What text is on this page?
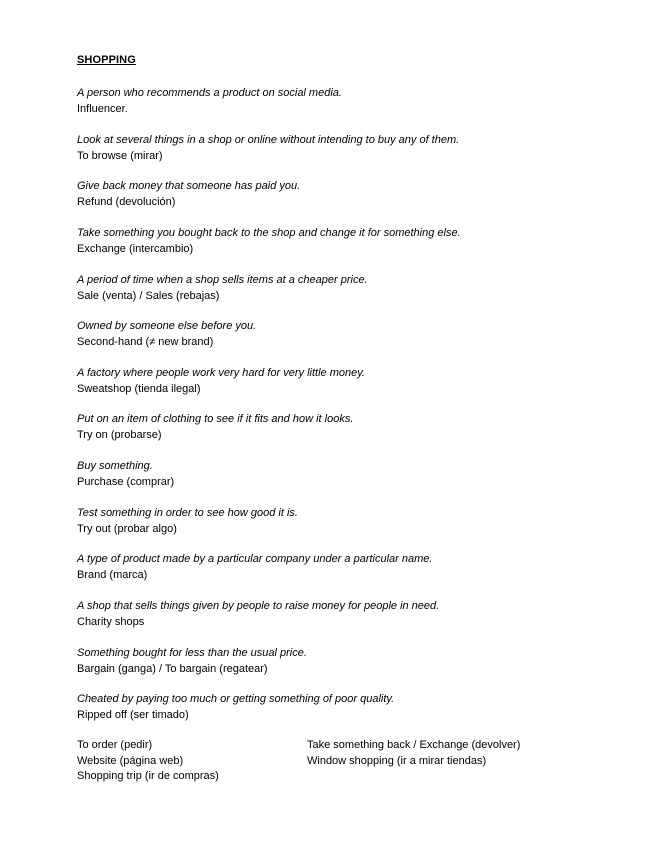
SHOPPING
A person who recommends a product on social media.
Influencer.
Look at several things in a shop or online without intending to buy any of them.
To browse (mirar)
Give back money that someone has paid you.
Refund (devolución)
Take something you bought back to the shop and change it for something else.
Exchange (intercambio)
A period of time when a shop sells items at a cheaper price.
Sale (venta) / Sales (rebajas)
Owned by someone else before you.
Second-hand (≠ new brand)
A factory where people work very hard for very little money.
Sweatshop (tienda ilegal)
Put on an item of clothing to see if it fits and how it looks.
Try on (probarse)
Buy something.
Purchase (comprar)
Test something in order to see how good it is.
Try out (probar algo)
A type of product made by a particular company under a particular name.
Brand (marca)
A shop that sells things given by people to raise money for people in need.
Charity shops
Something bought for less than the usual price.
Bargain (ganga) / To bargain (regatear)
Cheated by paying too much or getting something of poor quality.
Ripped off (ser timado)
To order (pedir)
Website (página web)
Shopping trip (ir de compras)
Take something back / Exchange (devolver)
Window shopping (ir a mirar tiendas)
